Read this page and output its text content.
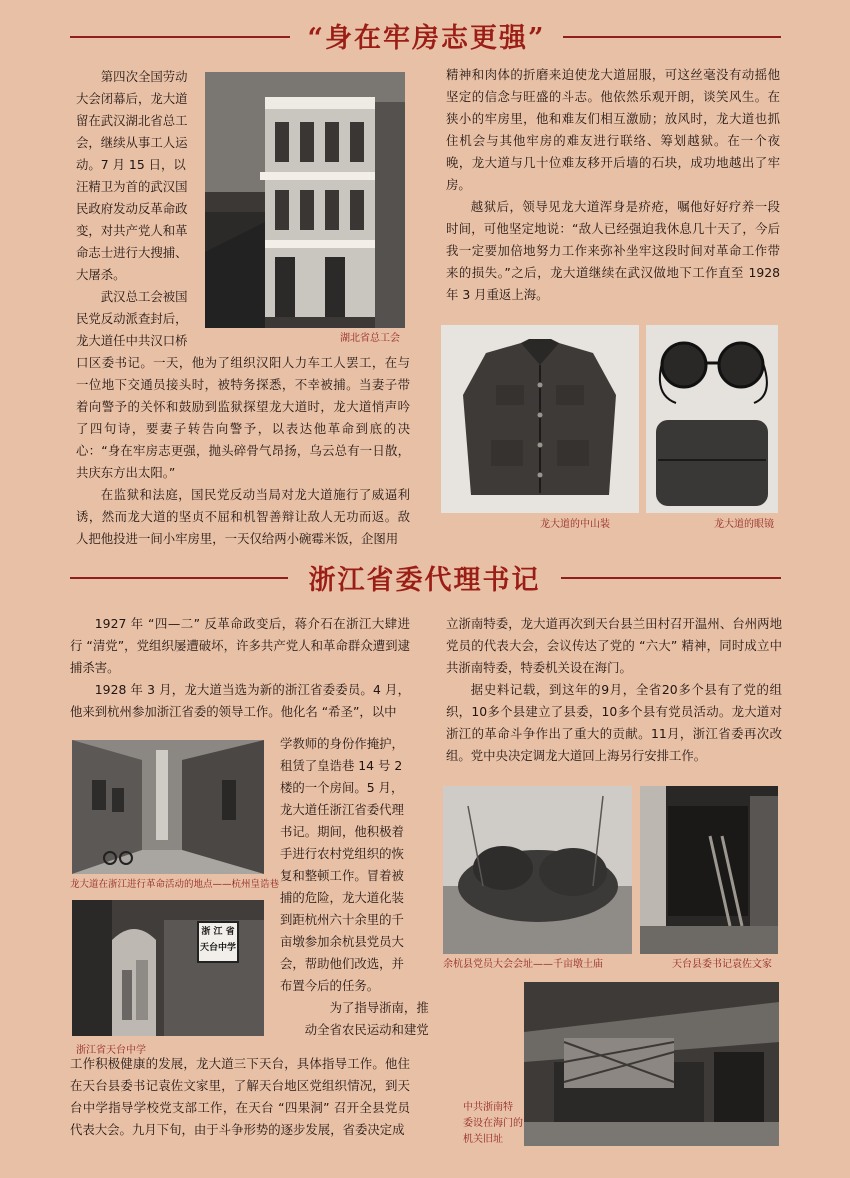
“身在牢房志更强”
第四次全国劳动
大会闭幕后，龙大道
留在武汉湖北省总工
会，继续从事工人运
动。7 月 15 日，以
汪精卫为首的武汉国
民政府发动反革命政
变，对共产党人和革
命志士进行大搜捕、
大屠杀。
武汉总工会被国
民党反动派查封后，
龙大道任中共汉口桥	湖北省总工会
口区委书记。一天，他为了组织汉阳人力车工人罢工，在与一位地下交通员接头时，被特务探悉，不幸被捕。当妻子带着向警予的关怀和鼓励到监狱探望龙大道时，龙大道悄声吟了四句诗，要妻子转告向警予，以表达他革命到底的决心：“身在牢房志更强，抛头碎骨气昂扬，乌云总有一日散，共庆东方出太阳。”

在监狱和法庭，国民党反动当局对龙大道施行了威逼利诱，然而龙大道的坚贞不屈和机智善辩让敌人无功而返。敌人把他投进一间小牢房里，一天仅给两小碗霉米饭，企图用

精神和肉体的折磨来迫使龙大道屈服，可这丝毫没有动摇他坚定的信念与旺盛的斗志。他依然乐观开朗，谈笑风生。在狭小的牢房里，他和难友们相互激励；放风时，龙大道也抓住机会与其他牢房的难友进行联络、筹划越狱。在一个夜晚，龙大道与几十位难友移开后墙的石块，成功地越出了牢房。

越狱后，领导见龙大道浑身是疥疮，嘱他好好疗养一段时间，可他坚定地说：“敌人已经强迫我休息几十天了，今后我一定要加倍地努力工作来弥补坐牢这段时间对革命工作带来的损失。”之后，龙大道继续在武汉做地下工作直至 1928 年 3 月重返上海。

龙大道的中山装	龙大道的眼镜
浙江省委代理书记

1927 年 “四—二” 反革命政变后，蒋介石在浙江大肆进行 “清党”，党组织屡遭破坏，许多共产党人和革命群众遭到逮捕杀害。

1928 年 3 月，龙大道当选为新的浙江省委委员。4 月，他来到杭州参加浙江省委的领导工作。他化名 “希圣”，以中

龙大道在浙江进行革命活动的地点——杭州皇诰巷
学教师的身份作掩护，
租赁了皇诰巷 14 号 2
楼的一个房间。5 月，
龙大道任浙江省委代理
书记。期间，他积极着
手进行农村党组织的恢
复和整顿工作。冒着被
捕的危险，龙大道化装
到距杭州六十余里的千
亩墩参加余杭县党员大
会，帮助他们改选，并
布置今后的任务。
为了指导浙南，推
动全省农民运动和建党
浙 江 省
天台中学
浙江省天台中学
工作积极健康的发展，龙大道三下天台，具体指导工作。他住在天台县委书记袁佐文家里，了解天台地区党组织情况，到天台中学指导学校党支部工作，在天台 “四果洞” 召开全县党员代表大会。九月下旬，由于斗争形势的逐步发展，省委决定成
立浙南特委，龙大道再次到天台县兰田村召开温州、台州两地党员的代表大会，会议传达了党的 “六大” 精神，同时成立中共浙南特委，特委机关设在海门。

据史料记载，到这年的9月，全省20多个县有了党的组织，10多个县建立了县委，10多个县有党员活动。龙大道对浙江的革命斗争作出了重大的贡献。11月，浙江省委再次改组。党中央决定调龙大道回上海另行安排工作。

余杭县党员大会会址——千亩墩土庙	天台县委书记袁佐文家
中共浙南特
委设在海门的
机关旧址
